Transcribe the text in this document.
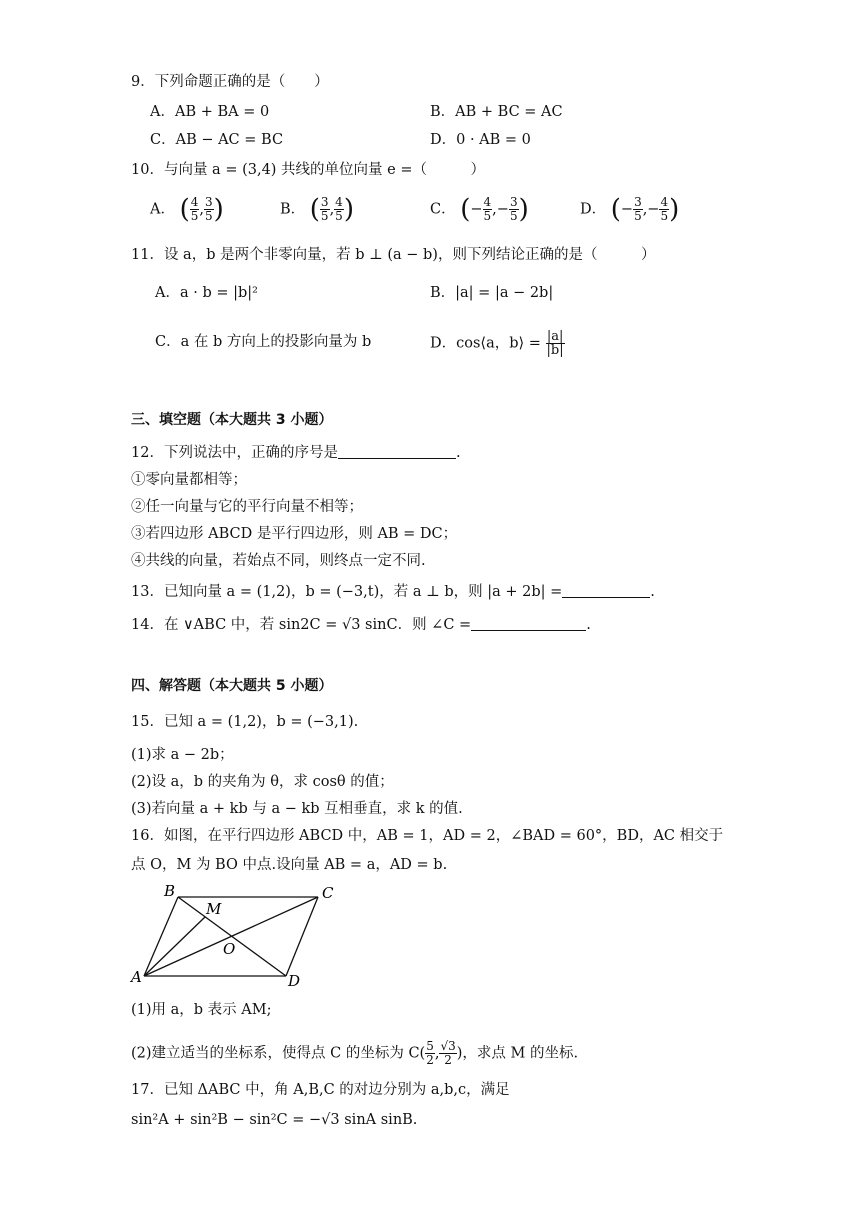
9．下列命题正确的是（　　）
A．AB + BA = 0	B．AB + BC = AC
C．AB − AC = BC	D．0 · AB = 0
10．与向量 a = (3,4) 共线的单位向量 e =（　　　）
A． ( $\frac{4}{5}$ , $\frac{3}{5}$ )	B． ( $\frac{3}{5}$ , $\frac{4}{5}$ )	C． (− $\frac{4}{5}$ ,− $\frac{3}{5}$ )	D． (− $\frac{3}{5}$ ,− $\frac{4}{5}$ )
11．设 a，b 是两个非零向量，若 b ⊥ (a − b)，则下列结论正确的是（　　　）
A．a · b = |b|²	B．|a| = |a − 2b|
C．a 在 b 方向上的投影向量为 b	D．cos⟨a，b⟩ = $\frac{|a|}{|b|}$
三、填空题（本大题共 3 小题）
12．下列说法中，正确的序号是	.
①零向量都相等；
②任一向量与它的平行向量不相等；
③若四边形 ABCD 是平行四边形，则 AB = DC；
④共线的向量，若始点不同，则终点一定不同.
13．已知向量 a = (1,2)，b = (−3,t)，若 a ⊥ b，则 |a + 2b| =	.
14．在 ∨ABC 中，若 sin2C = √3 sinC．则 ∠C =	.
四、解答题（本大题共 5 小题）
15．已知 a = (1,2)，b = (−3,1).
(1)求 a − 2b；
(2)设 a，b 的夹角为 θ，求 cosθ 的值；
(3)若向量 a + kb 与 a − kb 互相垂直，求 k 的值.
16．如图，在平行四边形 ABCD 中，AB = 1，AD = 2，∠BAD = 60°，BD，AC 相交于
点 O，M 为 BO 中点.设向量 AB = a，AD = b.
B	C
M
O
A	D
(1)用 a，b 表示 AM;
(2)建立适当的坐标系，使得点 C 的坐标为 $C( \frac{5}{2}$ , $\frac{√3}{2}$ )，求点 M 的坐标.
17．已知 ΔABC 中，角 A,B,C 的对边分别为 a,b,c，满足
sin²A + sin²B − sin²C = −√3 sinA sinB.
